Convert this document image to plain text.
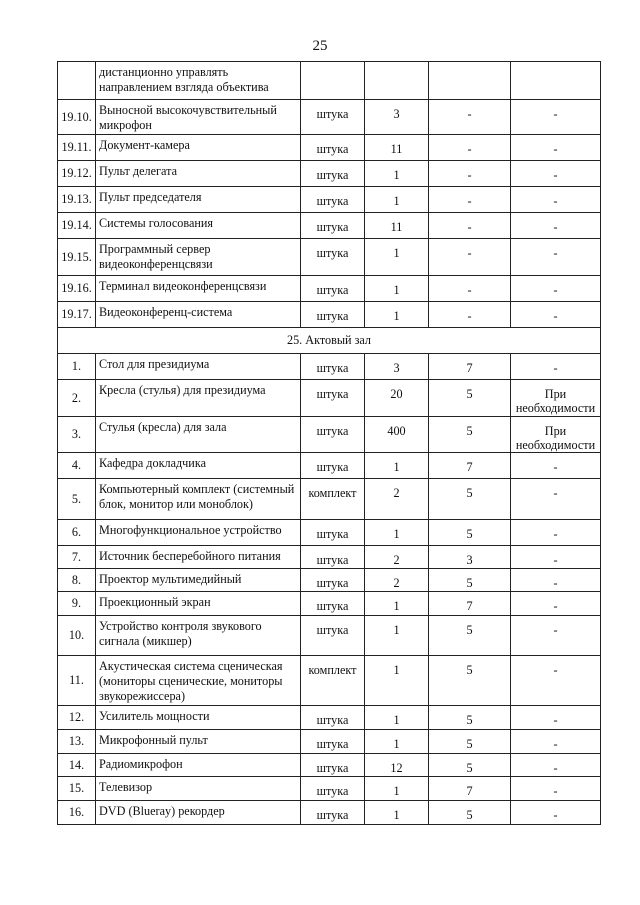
25
	дистанционно управлять направлением взгляда объектива				
19.10.	Выносной высокочувствительный микрофон	штука	3	-	-
19.11.	Документ-камера	штука	11	-	-
19.12.	Пульт делегата	штука	1	-	-
19.13.	Пульт председателя	штука	1	-	-
19.14.	Системы голосования	штука	11	-	-
19.15.	Программный сервер видеоконференцсвязи	штука	1	-	-
19.16.	Терминал видеоконференцсвязи	штука	1	-	-
19.17.	Видеоконференц-система	штука	1	-	-
25. Актовый зал					
1.	Стол для президиума	штука	3	7	-
2.	Кресла (стулья) для президиума	штука	20	5	При необходимости
3.	Стулья (кресла) для зала	штука	400	5	При необходимости
4.	Кафедра докладчика	штука	1	7	-
5.	Компьютерный комплект (системный блок, монитор или моноблок)	комплект	2	5	-
6.	Многофункциональное устройство	штука	1	5	-
7.	Источник бесперебойного питания	штука	2	3	-
8.	Проектор мультимедийный	штука	2	5	-
9.	Проекционный экран	штука	1	7	-
10.	Устройство контроля звукового сигнала (микшер)	штука	1	5	-
11.	Акустическая система сценическая (мониторы сценические, мониторы звукорежиссера)	комплект	1	5	-
12.	Усилитель мощности	штука	1	5	-
13.	Микрофонный пульт	штука	1	5	-
14.	Радиомикрофон	штука	12	5	-
15.	Телевизор	штука	1	7	-
16.	DVD (Blueray) рекордер	штука	1	5	-
